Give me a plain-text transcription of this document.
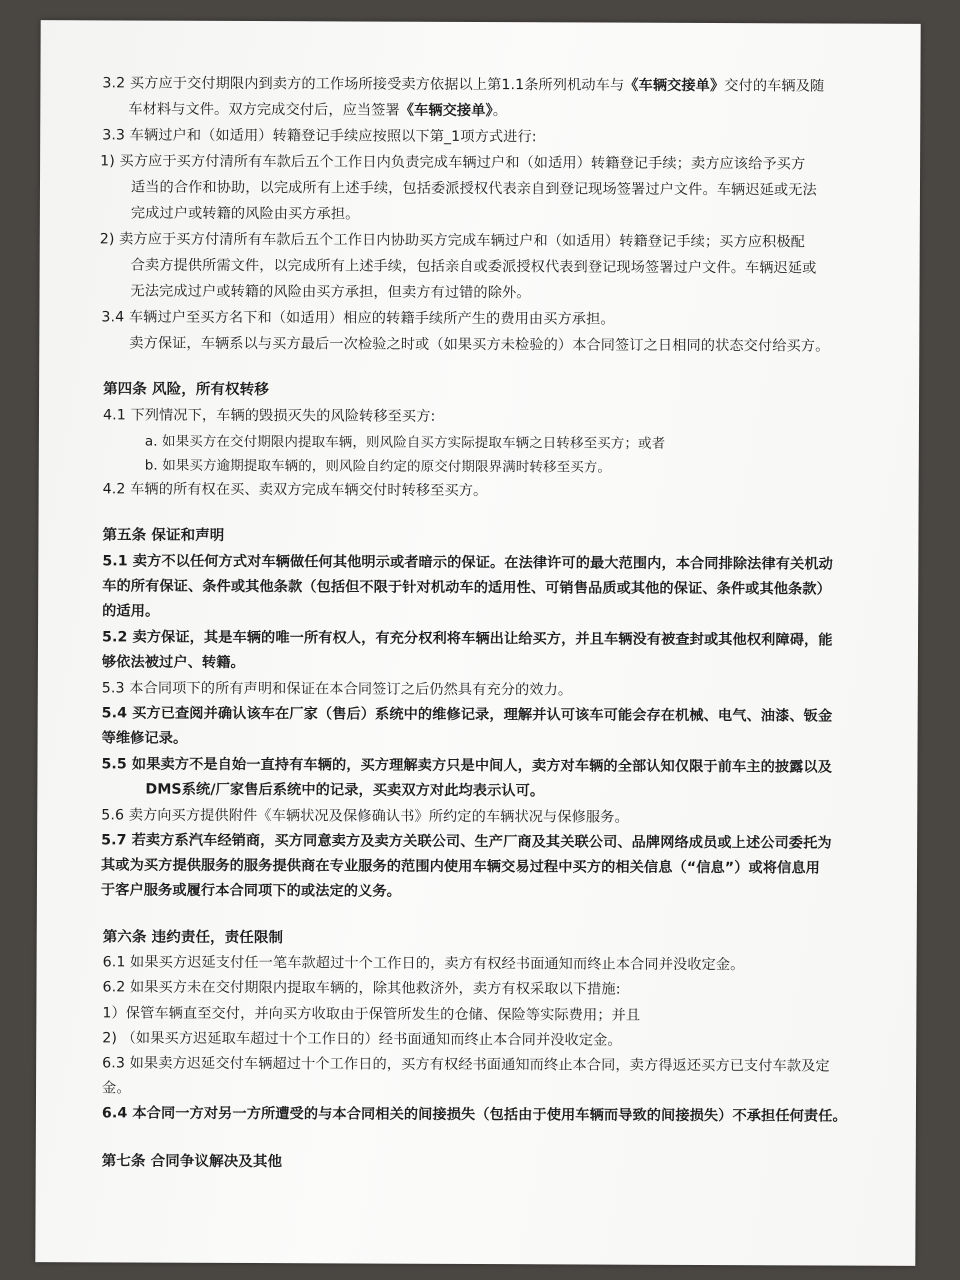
3.2 买方应于交付期限内到卖方的工作场所接受卖方依据以上第1.1条所列机动车与《车辆交接单》交付的车辆及随
车材料与文件。双方完成交付后，应当签署《车辆交接单》。
3.3 车辆过户和（如适用）转籍登记手续应按照以下第_1项方式进行:
1) 买方应于买方付清所有车款后五个工作日内负责完成车辆过户和（如适用）转籍登记手续；卖方应该给予买方
适当的合作和协助，以完成所有上述手续，包括委派授权代表亲自到登记现场签署过户文件。车辆迟延或无法
完成过户或转籍的风险由买方承担。
2) 卖方应于买方付清所有车款后五个工作日内协助买方完成车辆过户和（如适用）转籍登记手续；买方应积极配
合卖方提供所需文件，以完成所有上述手续，包括亲自或委派授权代表到登记现场签署过户文件。车辆迟延或
无法完成过户或转籍的风险由买方承担，但卖方有过错的除外。
3.4 车辆过户至买方名下和（如适用）相应的转籍手续所产生的费用由买方承担。
卖方保证，车辆系以与买方最后一次检验之时或（如果买方未检验的）本合同签订之日相同的状态交付给买方。
第四条 风险，所有权转移
4.1 下列情况下，车辆的毁损灭失的风险转移至买方:
a. 如果买方在交付期限内提取车辆，则风险自买方实际提取车辆之日转移至买方；或者
b. 如果买方逾期提取车辆的，则风险自约定的原交付期限界满时转移至买方。
4.2 车辆的所有权在买、卖双方完成车辆交付时转移至买方。
第五条 保证和声明
5.1 卖方不以任何方式对车辆做任何其他明示或者暗示的保证。在法律许可的最大范围内，本合同排除法律有关机动
车的所有保证、条件或其他条款（包括但不限于针对机动车的适用性、可销售品质或其他的保证、条件或其他条款）
的适用。
5.2 卖方保证，其是车辆的唯一所有权人，有充分权利将车辆出让给买方，并且车辆没有被查封或其他权利障碍，能
够依法被过户、转籍。
5.3 本合同项下的所有声明和保证在本合同签订之后仍然具有充分的效力。
5.4 买方已查阅并确认该车在厂家（售后）系统中的维修记录，理解并认可该车可能会存在机械、电气、油漆、钣金
等维修记录。
5.5 如果卖方不是自始一直持有车辆的，买方理解卖方只是中间人，卖方对车辆的全部认知仅限于前车主的披露以及
DMS系统/厂家售后系统中的记录，买卖双方对此均表示认可。
5.6 卖方向买方提供附件《车辆状况及保修确认书》所约定的车辆状况与保修服务。
5.7 若卖方系汽车经销商，买方同意卖方及卖方关联公司、生产厂商及其关联公司、品牌网络成员或上述公司委托为
其或为买方提供服务的服务提供商在专业服务的范围内使用车辆交易过程中买方的相关信息（“信息”）或将信息用
于客户服务或履行本合同项下的或法定的义务。
第六条 违约责任，责任限制
6.1 如果买方迟延支付任一笔车款超过十个工作日的，卖方有权经书面通知而终止本合同并没收定金。
6.2 如果买方未在交付期限内提取车辆的，除其他救济外，卖方有权采取以下措施:
1）保管车辆直至交付，并向买方收取由于保管所发生的仓储、保险等实际费用；并且
2) （如果买方迟延取车超过十个工作日的）经书面通知而终止本合同并没收定金。
6.3 如果卖方迟延交付车辆超过十个工作日的，买方有权经书面通知而终止本合同，卖方得返还买方已支付车款及定
金。
6.4 本合同一方对另一方所遭受的与本合同相关的间接损失（包括由于使用车辆而导致的间接损失）不承担任何责任。
第七条 合同争议解决及其他
